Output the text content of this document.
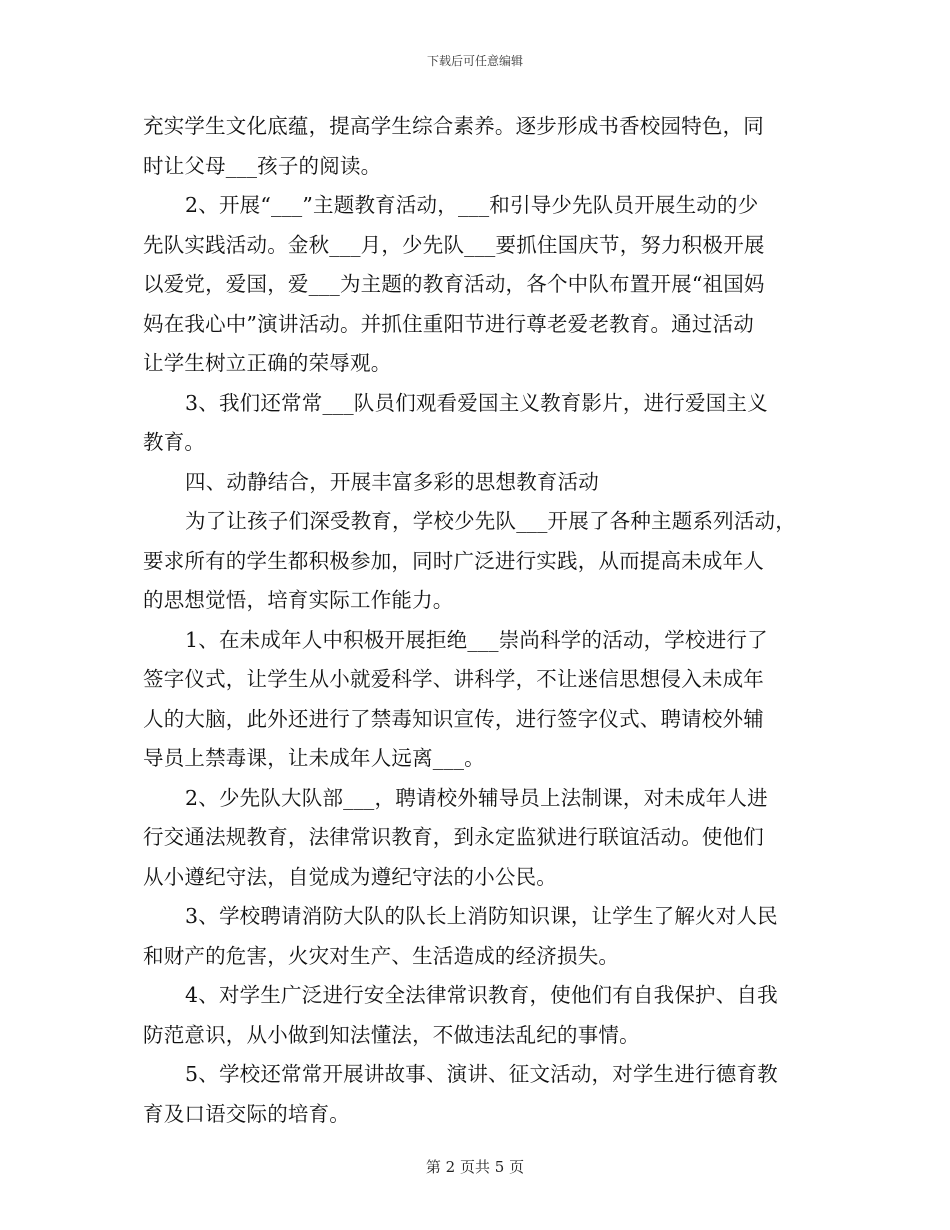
下载后可任意编辑
充实学生文化底蕴，提高学生综合素养。逐步形成书香校园特色，同
时让父母___孩子的阅读。
2、开展“___”主题教育活动，___和引导少先队员开展生动的少
先队实践活动。金秋___月，少先队___要抓住国庆节，努力积极开展
以爱党，爱国，爱___为主题的教育活动，各个中队布置开展“祖国妈
妈在我心中”演讲活动。并抓住重阳节进行尊老爱老教育。通过活动
让学生树立正确的荣辱观。
3、我们还常常___队员们观看爱国主义教育影片，进行爱国主义
教育。
四、动静结合，开展丰富多彩的思想教育活动
为了让孩子们深受教育，学校少先队___开展了各种主题系列活动，
要求所有的学生都积极参加，同时广泛进行实践，从而提高未成年人
的思想觉悟，培育实际工作能力。
1、在未成年人中积极开展拒绝___崇尚科学的活动，学校进行了
签字仪式，让学生从小就爱科学、讲科学，不让迷信思想侵入未成年
人的大脑，此外还进行了禁毒知识宣传，进行签字仪式、聘请校外辅
导员上禁毒课，让未成年人远离___。
2、少先队大队部___，聘请校外辅导员上法制课，对未成年人进
行交通法规教育，法律常识教育，到永定监狱进行联谊活动。使他们
从小遵纪守法，自觉成为遵纪守法的小公民。
3、学校聘请消防大队的队长上消防知识课，让学生了解火对人民
和财产的危害，火灾对生产、生活造成的经济损失。
4、对学生广泛进行安全法律常识教育，使他们有自我保护、自我
防范意识，从小做到知法懂法，不做违法乱纪的事情。
5、学校还常常开展讲故事、演讲、征文活动，对学生进行德育教
育及口语交际的培育。
第 2 页共 5 页
